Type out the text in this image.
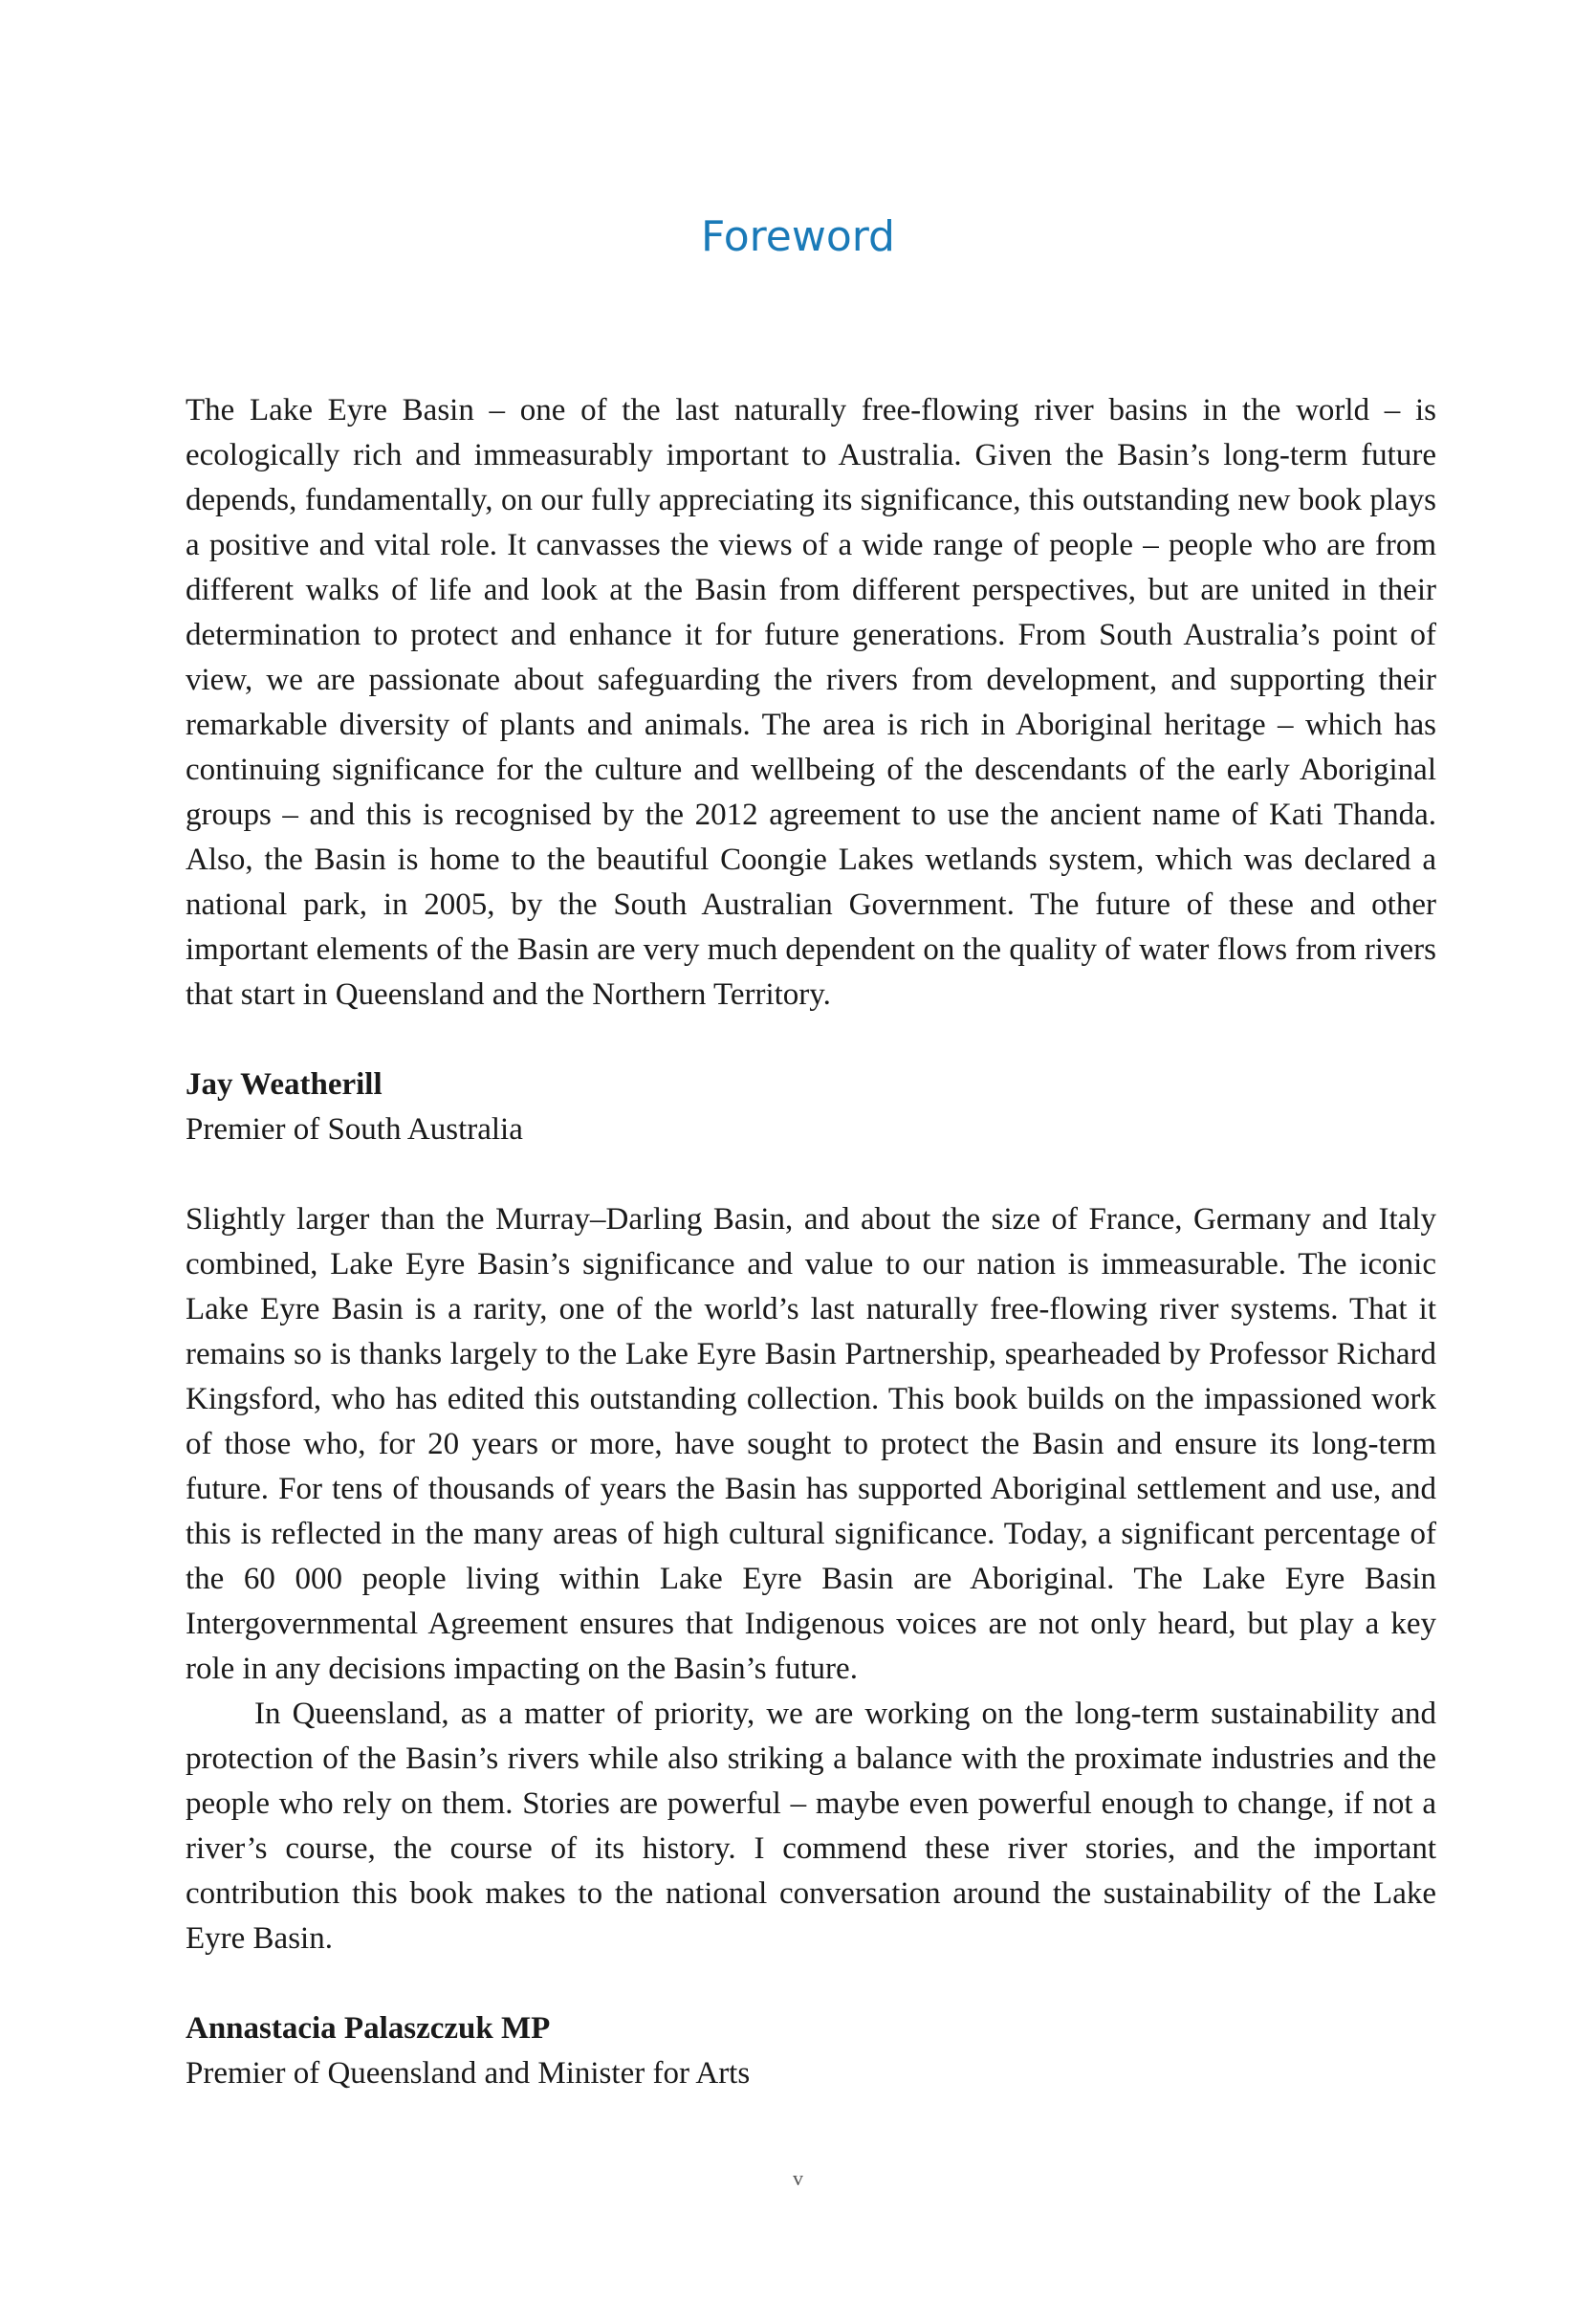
Foreword

The Lake Eyre Basin – one of the last naturally free-flowing river basins in the world – is ecologically rich and immeasurably important to Australia. Given the Basin’s long-term future depends, fundamentally, on our fully appreciating its significance, this outstanding new book plays a positive and vital role. It canvasses the views of a wide range of people – people who are from different walks of life and look at the Basin from different perspectives, but are united in their determination to protect and enhance it for future generations. From South Australia’s point of view, we are passionate about safeguarding the rivers from development, and supporting their remarkable diversity of plants and animals. The area is rich in Aboriginal heritage – which has continuing significance for the culture and wellbeing of the descendants of the early Aboriginal groups – and this is recognised by the 2012 agreement to use the ancient name of Kati Thanda. Also, the Basin is home to the beautiful Coongie Lakes wetlands system, which was declared a national park, in 2005, by the South Australian Government. The future of these and other important elements of the Basin are very much dependent on the quality of water flows from rivers that start in Queensland and the Northern Territory.

Jay Weatherill

Premier of South Australia

Slightly larger than the Murray–Darling Basin, and about the size of France, Germany and Italy combined, Lake Eyre Basin’s significance and value to our nation is immeasurable. The iconic Lake Eyre Basin is a rarity, one of the world’s last naturally free-flowing river systems. That it remains so is thanks largely to the Lake Eyre Basin Partnership, spearheaded by Professor Richard Kingsford, who has edited this outstanding collection. This book builds on the impassioned work of those who, for 20 years or more, have sought to protect the Basin and ensure its long-term future. For tens of thousands of years the Basin has supported Aboriginal settlement and use, and this is reflected in the many areas of high cultural significance. Today, a significant percentage of the 60 000 people living within Lake Eyre Basin are Aboriginal. The Lake Eyre Basin Intergovernmental Agreement ensures that Indigenous voices are not only heard, but play a key role in any decisions impacting on the Basin’s future.

In Queensland, as a matter of priority, we are working on the long-term sustainability and protection of the Basin’s rivers while also striking a balance with the proximate industries and the people who rely on them. Stories are powerful – maybe even powerful enough to change, if not a river’s course, the course of its history. I commend these river stories, and the important contribution this book makes to the national conversation around the sustainability of the Lake Eyre Basin.

Annastacia Palaszczuk MP

Premier of Queensland and Minister for Arts

v
